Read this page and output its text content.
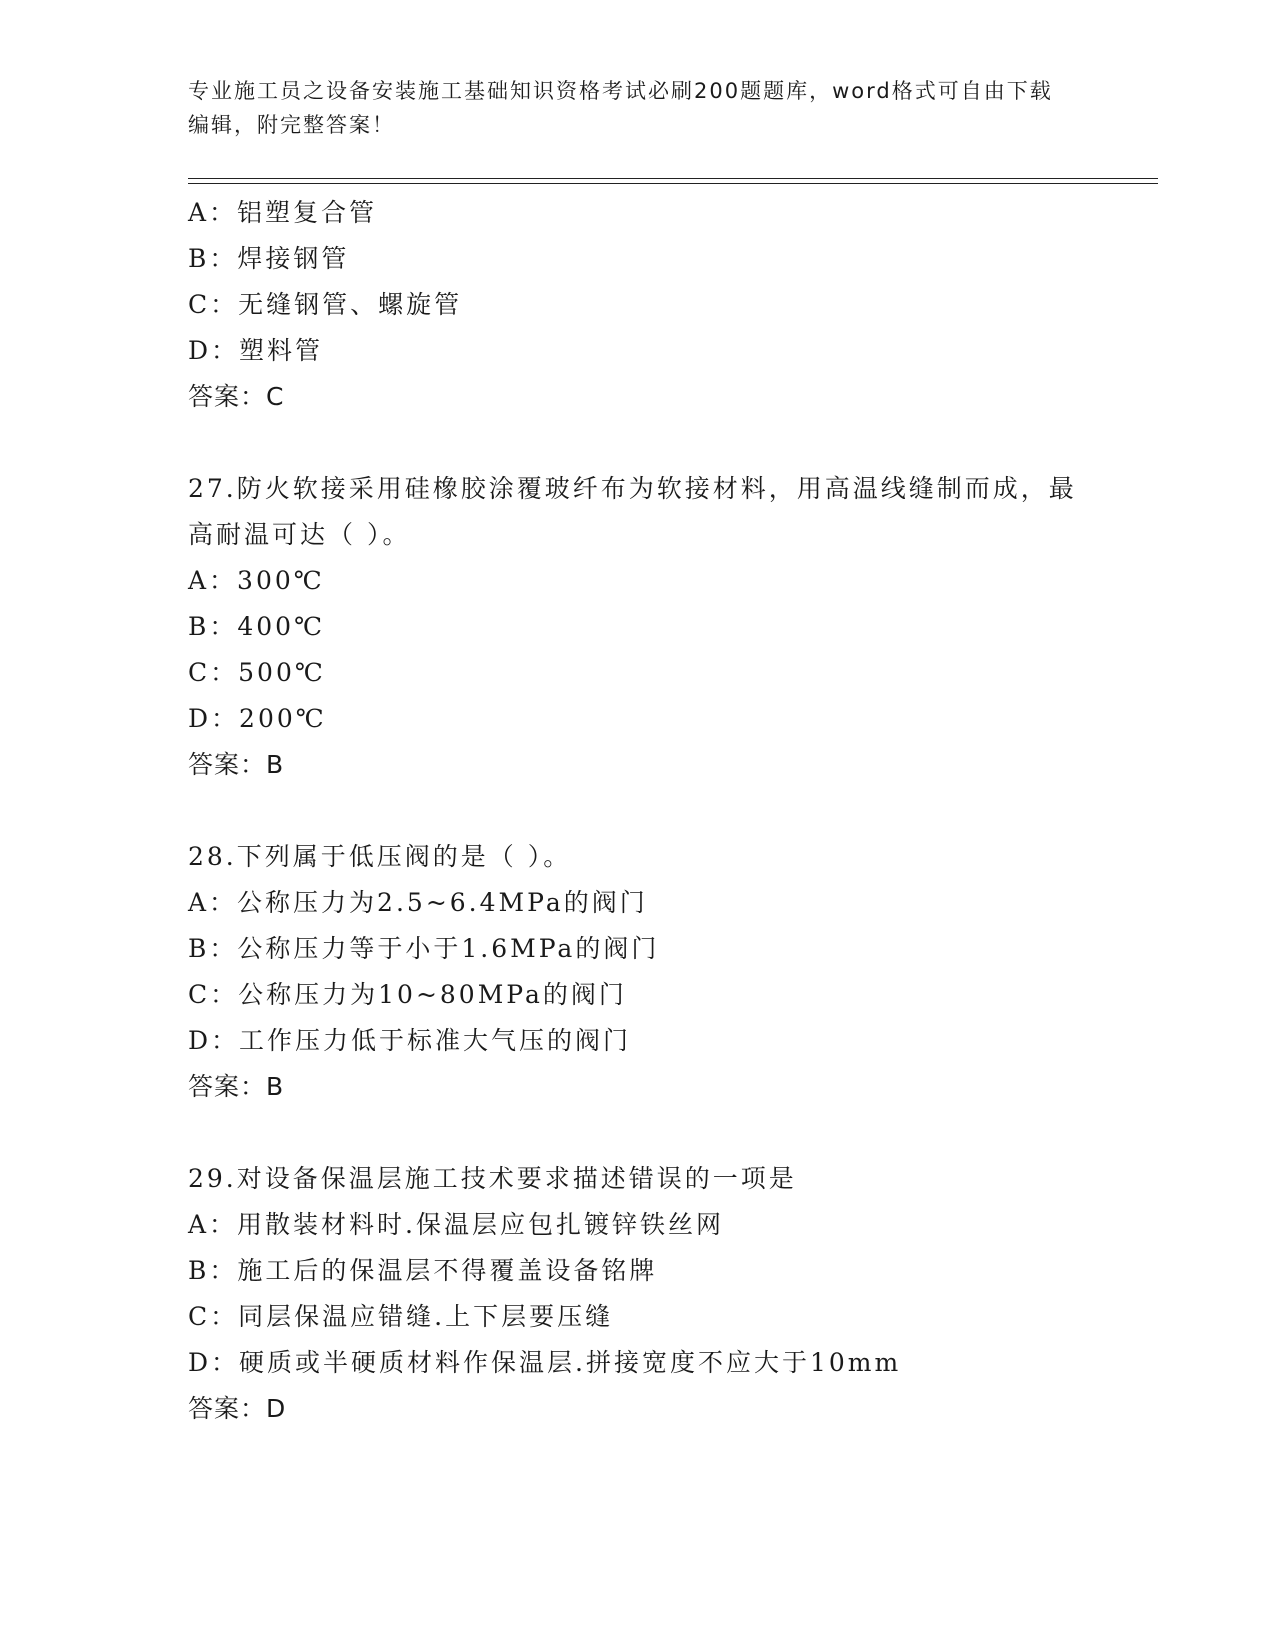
专业施工员之设备安装施工基础知识资格考试必刷200题题库，word格式可自由下载编辑，附完整答案！
A：铝塑复合管
B：焊接钢管
C：无缝钢管、螺旋管
D：塑料管
答案：C
27.防火软接采用硅橡胶涂覆玻纤布为软接材料，用高温线缝制而成，最高耐温可达（ ）。
A：300℃
B：400℃
C：500℃
D：200℃
答案：B
28.下列属于低压阀的是（ ）。
A：公称压力为2.5~6.4MPa的阀门
B：公称压力等于小于1.6MPa的阀门
C：公称压力为10~80MPa的阀门
D：工作压力低于标准大气压的阀门
答案：B
29.对设备保温层施工技术要求描述错误的一项是
A：用散装材料时.保温层应包扎镀锌铁丝网
B：施工后的保温层不得覆盖设备铭牌
C：同层保温应错缝.上下层要压缝
D：硬质或半硬质材料作保温层.拼接宽度不应大于10mm
答案：D
